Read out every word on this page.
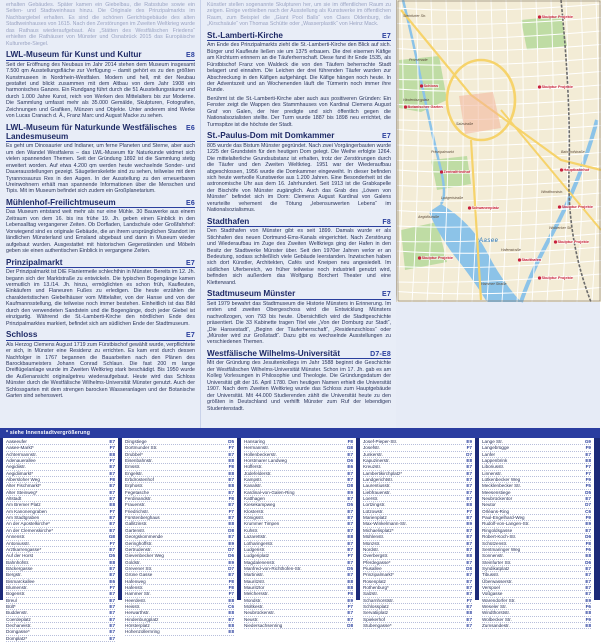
erhalten Gebäudes. Später kamen ein Giebelbau, die Ratsstube sowie ein Seiten- und Stadtweinhaus hinzu. Die Originale des Prinzipalmarkts im Nachbargiebel erhalten. Es sind die schönen Gerichtsgebäude des alten Stadtweinhauses von 1615. Nach den Zerstörungen im Zweiten Weltkrieg wurde das Rathaus wiederaufgebaut. Als „Stätten des Westfälischen Friedens“ erhielten die Rathäuser von Münster und Osnabrück 2015 das Europäische Kulturerbe-Siegel.

LWL-Museum für Kunst und Kultur	E8

Seit der Eröffnung des Neubaus im Jahr 2014 stehen dem Museum insgesamt 7.500 qm Ausstellungsfläche zur Verfügung – damit gehört es zu den größten Kunstmuseen in Nordrhein-Westfalen. Modern und hell, mit der Neubau gestaltet und blickt zusammen mit dem Altbau von dem Jahr 1908 ein harmonisches Ganzes. Ein Rundgang führt durch die 51 Ausstellungsräume und durch 1.000 Jahre Kunst, reich von Werken des Mittelalters bis zur Moderne. Die Sammlung umfasst mehr als 35.000 Gemälde, Skulpturen, Fotografien, Zeichnungen und Grafiken, Münzen und Objekte. Unter anderem sind Werke von Lucas Cranach d. Ä., Franz Marc und August Macke zu sehen.

LWL-Museum für Naturkunde Westfälisches Landesmuseum
E6

Es geht um Dinosaurier und Indianer, um ferne Planeten und Sterne, aber auch um den Wandel Westfalens – das LWL-Museum für Naturkunde widmet sich vielen spannenden Themen. Seit der Gründung 1892 ist die Sammlung stetig erweitert worden. Auf etwa 4.200 qm werden heute wechselnde Sonder- und Dauerausstellungen gezeigt. Säugetierskelette sind zu sehen, teilweise mit dem Tyrannosaurus Rex in den Augen. In der Ausstellung zu den erneuerbaren Ureinwohnern erhält man spannende Informationen über die Menschen und Tipis. Mit im Museum befindet sich zudem ein Großplanetarium.

Mühlenhof-Freilichtmuseum	E6

Das Museum entstand weit mehr als nur eine Mühle. 30 Bauwerke aus einem Zeitraum von dem 16. bis ins frühe 19. Jh. geben einen Einblick in den Lebensalltag vergangener Zeiten. Ob Dorfladen, Landschule oder Großfahrhof: Vorwiegend sind es originale Gebäude, die an ihrem ursprünglichen Standort im ländlichen Münsterland und Emsland abgebaut und dann in Museum wieder aufgebaut wurden. Ausgestattet mit historischen Gegenständen und Möbeln geben sie einen authentischen Einblick in vergangene Zeiten.

Prinzipalmarkt	E7

Der Prinzipalmarkt ist DIE Flaniermeile schlechthin in Münster. Bereits im 12. Jh. begann sich der Marktstraße zu entwickeln. Die typischen Bogengänge kamen vermutlich im 13./14. Jh. hinzu, ermöglichten es schon früh, Kaufleuten, Einkäufern und Flaneuren Fußes zu erledigen. Die heute erzählen die charakteristischen Giebelhäuser vom Mittelalter, von der Hanse und von der Kaufmannsstellung, die teilweise noch immer bestehen. Einheitlich ist das Bild durch den verwendeten Sandstein und die Bogengänge, doch jeder Giebel ist einzigartig. Während die St.-Lamberti-Kirche den nördlichen Ende des Prinzipalmarktes markiert, befindet sich am südlichen Ende der Stadtmuseum.

Schloss	E7

Als Herzog Clemens August 1719 zum Fürstbischof gewählt wurde, verpflichtete er sich, in Münster eine Residenz zu errichten. Es kam erst durch dessen Nachfolger in 1767 begannen die Bauarbeiten nach den Plänen des Barockbaumeisters Johann Conrad Schlaun. Die fast 200 m lange Dreiflügelanlage wurde im Zweiten Weltkrieg stark beschädigt. Bis 1950 wurde die Außenansicht originalgetreu wiederaufgebaut. Heute wird das Schloss Münster durch die Westfälische Wilhelms-Universität Münster genutzt. Auch der Schlossgarten mit dem strengen barocken Wasseranlagen und der Botanische Garten sind sehenswert.

Künstler stellen sogenannte Skulpturen her, um sie im öffentlichen Raum zu zeigen. Einige verbleiben nach der Ausstellung als Kunstwerke im öffentlichen Raum, zum Beispiel die „Giant Pool Balls“ von Claes Oldenburg, die „Kirschsäule“ von Thomas Schütte oder „Wasserplastik“ von Heinz Mack.

St.-Lamberti-Kirche	E7

Am Ende des Prinzipalmarkts zieht die St.-Lamberti-Kirche den Blick auf sich. Bürger und Kaufleute ließen sie um 1375 erbauen. Die drei eisernen Käfige am Kirchturm erinnern an die Täuferherrschaft. Diese fand ihr Ende 1535, als Fürstbischof Franz von Waldeck die von den Täufern beherrschte Stadt belagert und einnahm. Die Leichen der drei führenden Täufer wurden zur Abschreckung in den Käfigen aufgehängt. Die Käfige hängen noch heute. In der Adventszeit und an Wochenenden läuft die Türmerin noch immer ihre Runde.

Berühmt ist die St.-Lamberti-Kirche aber auch aus positiveren Gründen: Ein Fenster zeigt die Wappen des Stammhauses von Kardinal Clemens August Graf von Galen, der hier predigte und sich öffentlich gegen die Nationalsozialisten stellte. Der Turm wurde 1887 bis 1898 neu errichtet, die Turmspitze ist die höchste der Stadt.

St.-Paulus-Dom mit Domkammer	E7

805 wurde das Bistum Münster gegründet. Nach zwei Vorgängerbauten wurde 1225 der Grundstein für den heutigen Dom gelegt. Die Weihe erfolgte 1264. Die mittelalterliche Grundsubstanz ist erhalten, trotz der Zerstörungen durch die Täufer und den Zweiten Weltkrieg. 1951 war der Wiederaufbau abgeschlossen, 1956 wurde die Domkammer eingeweiht. In dieser befinden sich heute wertvolle Kunstwerke aus 1.200 Jahren. Eine Besonderheit ist die astronomische Uhr aus dem 16. Jahrhundert. Seit 1913 ist die Grabkapelle der Bischöfe von Münster zugänglich. Auch das Grab des „Löwen von Münster“ befindet sich im Dom: Clemens August Kardinal von Galens verurteilte vehement die Tötung „lebensunwerten Lebens“ im Nationalsozialismus.

Stadthafen	F8

Den Stadthafen von Münster gibt es seit 1899. Damals wurde er als Stichhafen des neuen Dortmund-Ems-Kanals eingerichtet. Nach Zerstörung und Wiederaufbau im Zuge des Zweiten Weltkriegs ging der Hafen in den Besitz der Stadtwerke Münster über. Seit den 1970er Jahren verlor er an Bedeutung, sodass schließlich viele Gebäude leerstanden. Inzwischen haben sich dort Künstler, Architekten, Cafés und Kneipen neu angesiedelt. Im südlichen Uferbereich, wo früher teilweise noch industriell genutzt wird, befinden sich außerdem das Wolfgang Borchert Theater und eine Kletterwand.

Stadtmuseum Münster	E7

Seit 1979 bewahrt das Stadtmuseum die Historie Münsters in Erinnerung. Im ersten und zweiten Obergeschoss wird die Entwicklung Münsters nachvollzogen, von 793 bis heute. Übersichtlich wird die Stadtgeschichte präsentiert. Die 33 Kabinette tragen Titel wie „Von der Domburg zur Stadt“, „Die Hansestadt“, „Beginn der Täuferherrschaft“, „Residenzschloss“ oder „Münster wird zur Großstadt“. Dazu gibt es wechselnde Ausstellungen zu verschiedenen Themen.

Westfälische Wilhelms-Universität	D7-E8

Mit der Gründung des Jesuitenkollegs im Jahr 1588 beginnt die Geschichte der Westfälischen Wilhelms-Universität Münster. Schon im 17. Jh. gab es am Kolleg Vorlesungen in Philosophie und Theologie. Die Gründungsdatum der Universität gilt der 16. April 1780. Den heutigen Namen erhielt die Universität 1907. Nach dem Zweiten Weltkrieg wurde das Schloss zum Hauptgebäude der Universität. Mit 44.000 Studierenden zählt die Universität heute zu den größten in Deutschland und verhilft Münster zum Ruf der lebendigen Studentenstadt.

Salzstraße
Prinzipalmarkt
Ludgeristraße
Aegidiistraße
Hafenstraße
Bahnhofstraße
Windthorststr.
Steinfurter Str.
Promenade
Hindenburgplatz
Wolbecker Str.
Hammer Straße
Botanischer Garten
Schloss
Skulptur Projekte
Skulptur Projekte
Zentralfriedhof
Skulptur Projekte
Skulptur Projekte
Hauptbahnhof
Skulptur Projekte	Stadthafen
Skulptur Projekte
Schwanenplatz
Aasee
* siehe Innenstadtvergrößerung
Aaseeufer	E7
Aasee-Markt*	F7
Achtermannstr.	E8
Adenauerallee	F7
Aegidiistr.	E7
Aegidiimarkt*	E7
Albersloher Weg	F8
Alter Fischmarkt*	E7
Alter Steinweg*	E7
Altstadt	E7
Am Bremer Platz	E8
Am Kanonengraben	F7
Am Stadtgraben	E7
An der Apostelkirche*	E7
An der Clemenskirche*	E7
Annenstr.	G8
Antoniusstr.	F7
Arztkarrengasse*	E7
Auf der Horst	D5
Bahnhofstr.	E8
Bäckergasse	E7
Bergstr.	E7
Bismarckallee	E6
Blumenstr.	F7
Bogenstr.	E7
Breul	E7
Bült*	E7
Buddenstr.	E7
Coerdeplatz	E7
Dechaneistr.	E7
Domgasse*	E7
Domplatz*	E7
Dingstiege	D5
Dortmunder Str.	F7
Drubbel*	E7
Eisenbahnstr.	E8
Emsstr.	F8
Engelstr.	E8
Erbdrostenhof	E7
Erphostr.	E8
Fegetasche	E7
Ferdinandstr.	F8
Frauenstr.	E7
Friedrichstr.	F7
Fürstenberghaus	E7
Gallitzinstr.	E8
Gartenstr.	D8
Georgskommende	E7
Geringhoffstr.	E9
Gertrudenstr.	D7
Gievenbecker Weg	D6
Goldstr.	E9
Grevener Str.	D7
Grüne Gasse	E7
Hafenweg	F8
Hafenstr.	F8
Hammer Str.	F7
Heerdestr.	E8
Heisstr.	C6
Herwarthstr.	E8
Hindenburgplatz	E7
Hörsterplatz	E8
Hohenzollernring	E8
Hansaring	F8
Hermannstr.	G8
Hollenbeckerstr.	E7
Horstmarer Landweg	D6
Hüfferstr.	E6
Jüdefelderstr.	E7
Kampstr.	E7
Kanalstr.	D8
Kardinal-von-Galen-Ring	E9
Katthagen	E7
Kiesekampweg	D5
Klosterstr.	E7
Königsstr.	E7
Krummer Timpen	E7
Kuhstr.	E7
Lazarettstr.	E8
Lotharingerstr.	E7
Ludgeristr.	E7
Ludgeriplatz	F7
Magdalenenstr.	E7
Manfred-von-Richthofen-Str.	D5
Martinistr.	E7
Mauritzstr.	E8
Mauritztor	E8
Melchersstr.	F8
Mondstr.	E9
Moltkestr.	F7
Neubrückenstr.	E7
Neustr.	E7
Niedersachsenring	D8
Josef-Pieper-Str.	E9
Josefstr.	F7
Junkerstr.	D7
Kapuzinerstr.	E8
Kreuzstr.	E7
Lambertikirchplatz*	E7
Landgerichtstr.	E7
Laurentiusstr.	E7
Liebfrauenstr.	E7
Loerstr.	E7
Lortzingstr.	E8
Lützowstr.	F7
Marienplatz	E7
Max-Winkelmann-Str.	E9
Michaelisplatz*	E7
Mühlenstr.	E7
Münzstr.	E7
Nordstr.	E7
Overbergstr.	E8
Pferdegasse*	E7
Piusallee	D8
Prinzipalmarkt*	E7
Rosenplatz	E7
Rothenburg*	E7
Salzstr.	E7
Scharnhorststr.	F7
Schlossplatz	E7
Servatiiplatz	E8
Spiekerhof	E7
Stubengasse*	E7
Lange Str.	G9
Langebrügge	F9
Lanfer	E7
Lappenbrink	E8
Liboriusstr.	F7
Linnenstr.	F7
Lütkenbecker Weg	F9
Mecklenbecker Str.	F5
Meesenstiege	D5
Neubrückentor	E7
Neutor	D7
Orléans-Ring	C6
Paul-Engelhard-Weg	F9
Rudolf-von-Langen-Str.	E9
Ringoldsgasse	E7
Robert-Koch-Str.	D6
Schützenstr.	F8
Sentmaringer Weg	F6
Sonnenstr.	E8
Steinfurter Str.	D6
Syndikatplatz	E7
Tibusstr.	E7
Überwasserstr.	E7
Verspoel	E7
Voßgasse	E7
Warendorfer Str.	E9
Weseler Str.	F6
Windthorststr.	E8
Wolbecker Str.	F9
Zumsandestr.	E8
